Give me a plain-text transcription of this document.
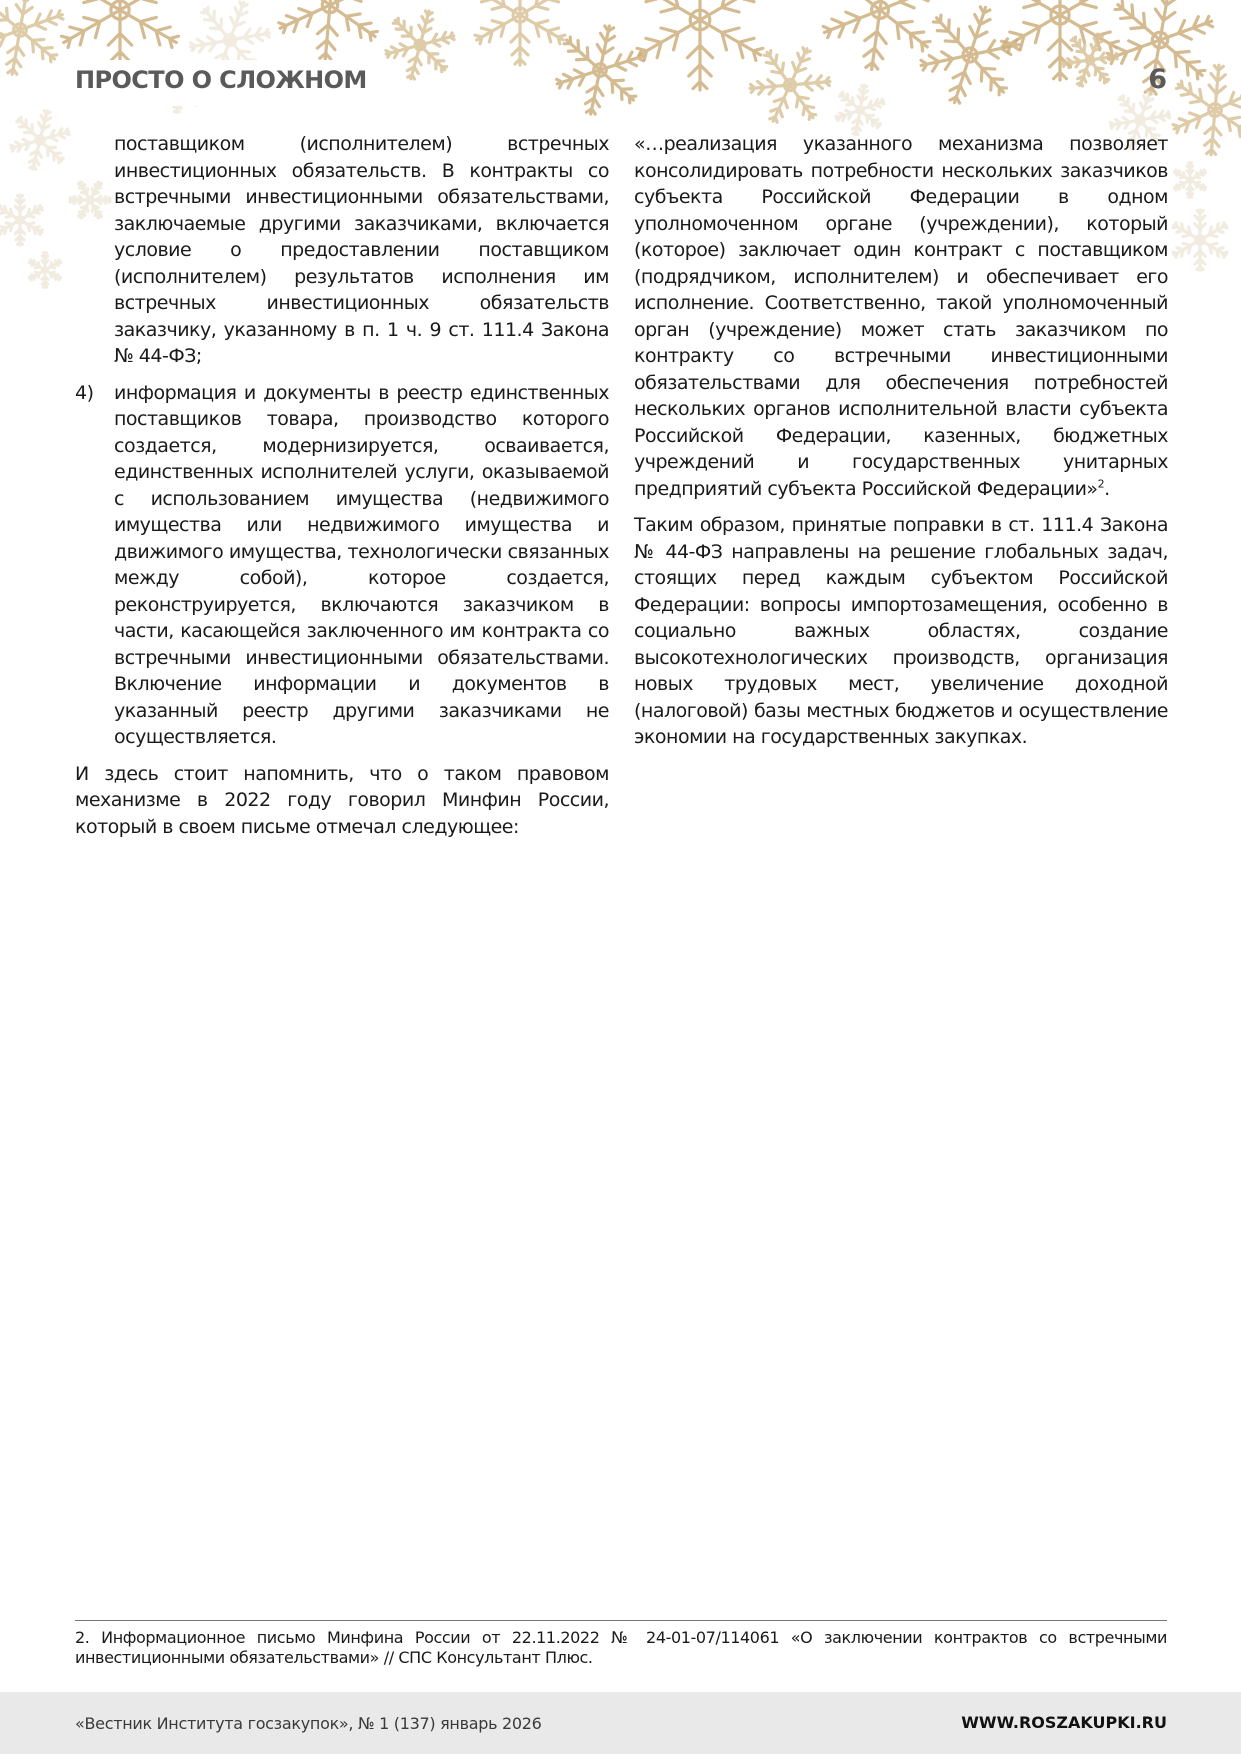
ПРОСТО О СЛОЖНОМ	6

поставщиком (исполнителем) встречных инвестиционных обязательств. В контракты со встречными инвестиционными обязательствами, заключаемые другими заказчиками, включается условие о предоставлении поставщиком (исполнителем) результатов исполнения им встречных инвестиционных обязательств заказчику, указанному в п. 1 ч. 9 ст. 111.4 Закона № 44-ФЗ;

4) информация и документы в реестр единственных поставщиков товара, производство которого создается, модернизируется, осваивается, единственных исполнителей услуги, оказываемой с использованием имущества (недвижимого имущества или недвижимого имущества и движимого имущества, технологически связанных между собой), которое создается, реконструируется, включаются заказчиком в части, касающейся заключенного им контракта со встречными инвестиционными обязательствами. Включение информации и документов в указанный реестр другими заказчиками не осуществляется.

И здесь стоит напомнить, что о таком правовом механизме в 2022 году говорил Минфин России, который в своем письме отмечал следующее:

«…реализация указанного механизма позволяет консолидировать потребности нескольких заказчиков субъекта Российской Федерации в одном уполномоченном органе (учреждении), который (которое) заключает один контракт с поставщиком (подрядчиком, исполнителем) и обеспечивает его исполнение. Соответственно, такой уполномоченный орган (учреждение) может стать заказчиком по контракту со встречными инвестиционными обязательствами для обеспечения потребностей нескольких органов исполнительной власти субъекта Российской Федерации, казенных, бюджетных учреждений и государственных унитарных предприятий субъекта Российской Федерации»$^2$.

Таким образом, принятые поправки в ст. 111.4 Закона № 44-ФЗ направлены на решение глобальных задач, стоящих перед каждым субъектом Российской Федерации: вопросы импортозамещения, особенно в социально важных областях, создание высокотехнологических производств, организация новых трудовых мест, увеличение доходной (налоговой) базы местных бюджетов и осуществление экономии на государственных закупках.

2. Информационное письмо Минфина России от 22.11.2022 № 24-01-07/114061 «О заключении контрактов со встречными инвестиционными обязательствами» // СПС Консультант Плюс.
«Вестник Института госзакупок», № 1 (137) январь 2026	WWW.ROSZAKUPKI.RU
